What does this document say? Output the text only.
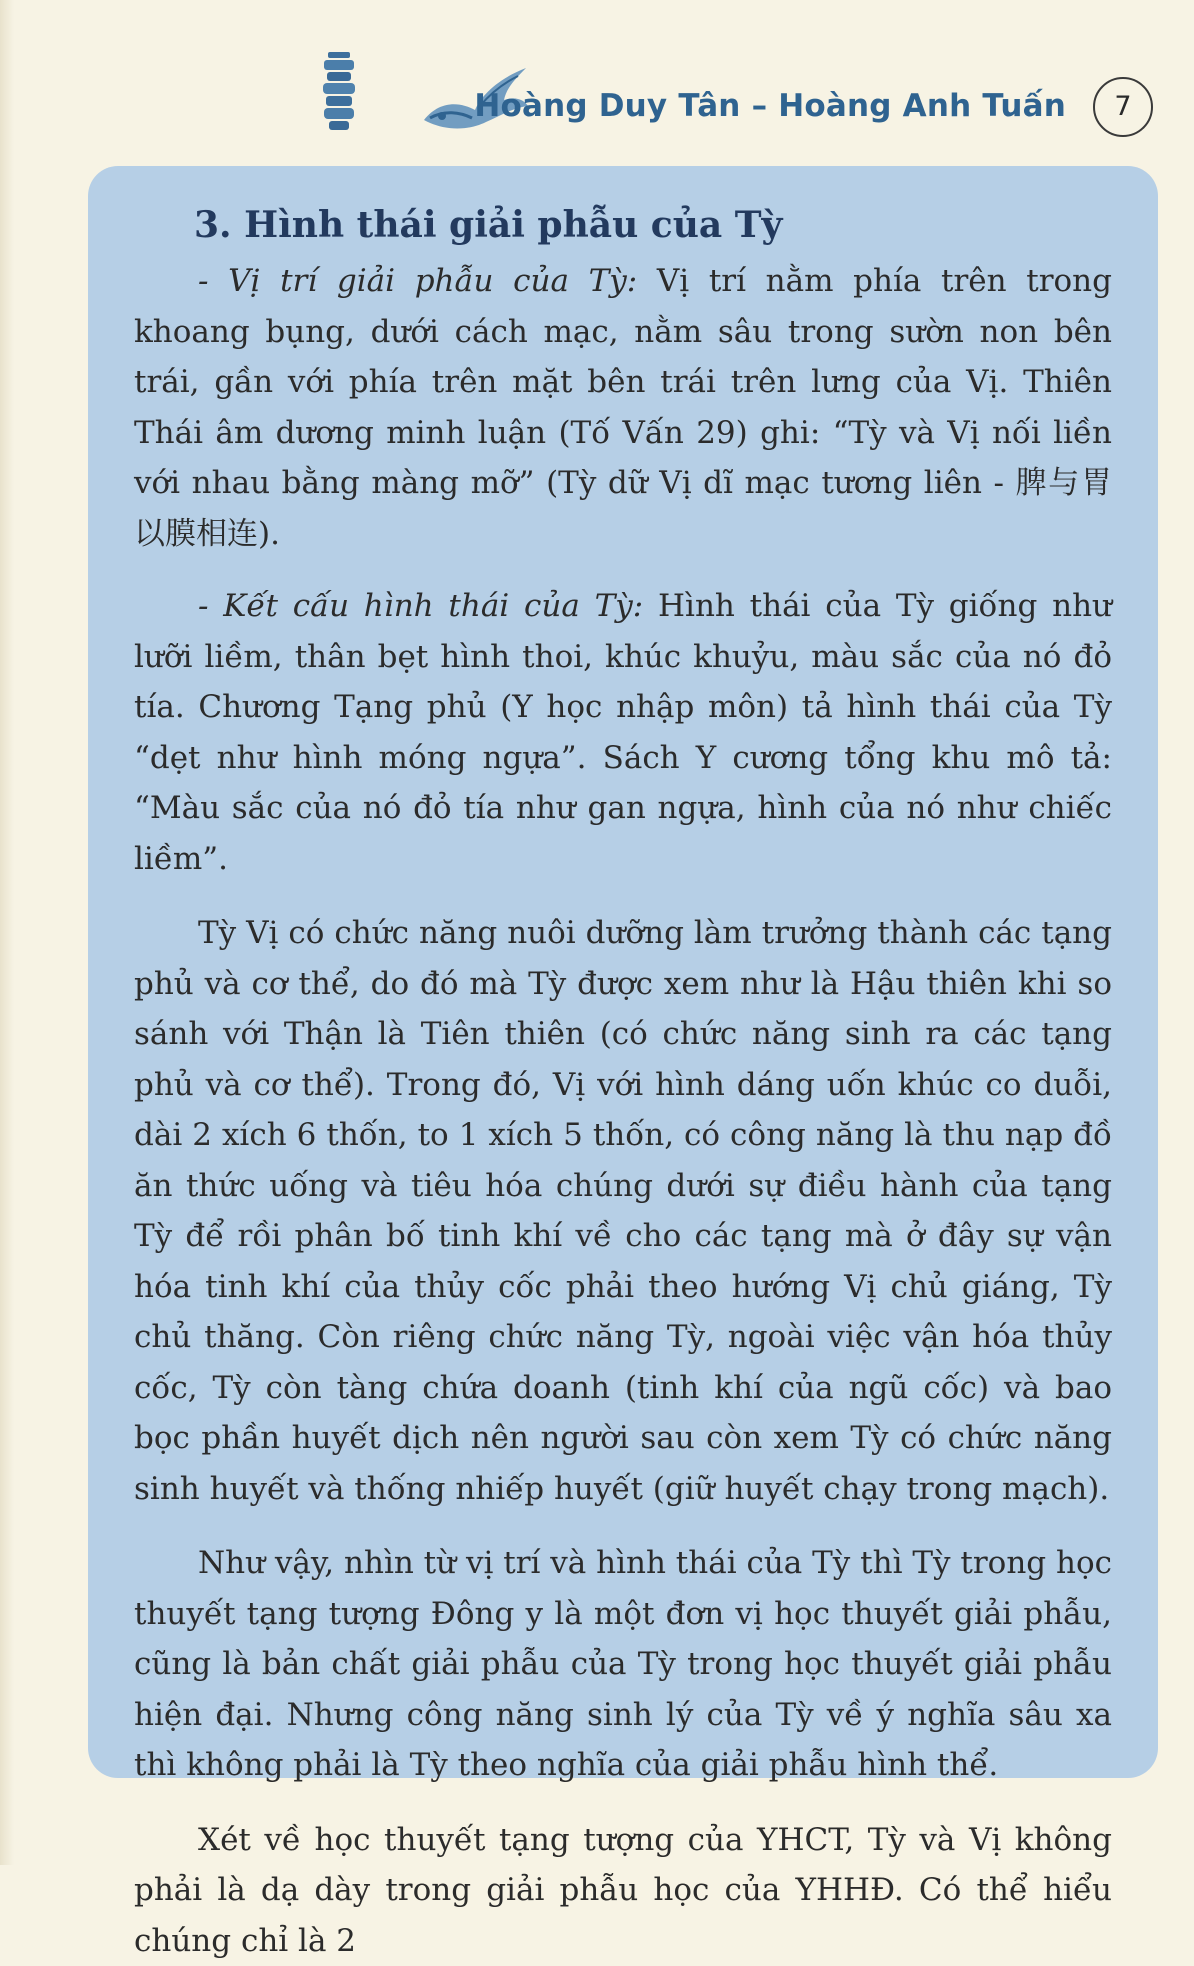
Hoàng Duy Tân – Hoàng Anh Tuấn	7
3. Hình thái giải phẫu của Tỳ

- Vị trí giải phẫu của Tỳ: Vị trí nằm phía trên trong khoang bụng, dưới cách mạc, nằm sâu trong sườn non bên trái, gần với phía trên mặt bên trái trên lưng của Vị. Thiên Thái âm dương minh luận (Tố Vấn 29) ghi: “Tỳ và Vị nối liền với nhau bằng màng mỡ” (Tỳ dữ Vị dĩ mạc tương liên - 脾与胃以膜相连).

- Kết cấu hình thái của Tỳ: Hình thái của Tỳ giống như lưỡi liềm, thân bẹt hình thoi, khúc khuỷu, màu sắc của nó đỏ tía. Chương Tạng phủ (Y học nhập môn) tả hình thái của Tỳ “dẹt như hình móng ngựa”. Sách Y cương tổng khu mô tả: “Màu sắc của nó đỏ tía như gan ngựa, hình của nó như chiếc liềm”.

Tỳ Vị có chức năng nuôi dưỡng làm trưởng thành các tạng phủ và cơ thể, do đó mà Tỳ được xem như là Hậu thiên khi so sánh với Thận là Tiên thiên (có chức năng sinh ra các tạng phủ và cơ thể). Trong đó, Vị với hình dáng uốn khúc co duỗi, dài 2 xích 6 thốn, to 1 xích 5 thốn, có công năng là thu nạp đồ ăn thức uống và tiêu hóa chúng dưới sự điều hành của tạng Tỳ để rồi phân bố tinh khí về cho các tạng mà ở đây sự vận hóa tinh khí của thủy cốc phải theo hướng Vị chủ giáng, Tỳ chủ thăng. Còn riêng chức năng Tỳ, ngoài việc vận hóa thủy cốc, Tỳ còn tàng chứa doanh (tinh khí của ngũ cốc) và bao bọc phần huyết dịch nên người sau còn xem Tỳ có chức năng sinh huyết và thống nhiếp huyết (giữ huyết chạy trong mạch).

Như vậy, nhìn từ vị trí và hình thái của Tỳ thì Tỳ trong học thuyết tạng tượng Đông y là một đơn vị học thuyết giải phẫu, cũng là bản chất giải phẫu của Tỳ trong học thuyết giải phẫu hiện đại. Nhưng công năng sinh lý của Tỳ về ý nghĩa sâu xa thì không phải là Tỳ theo nghĩa của giải phẫu hình thể.

Xét về học thuyết tạng tượng của YHCT, Tỳ và Vị không phải là dạ dày trong giải phẫu học của YHHĐ. Có thể hiểu chúng chỉ là 2
